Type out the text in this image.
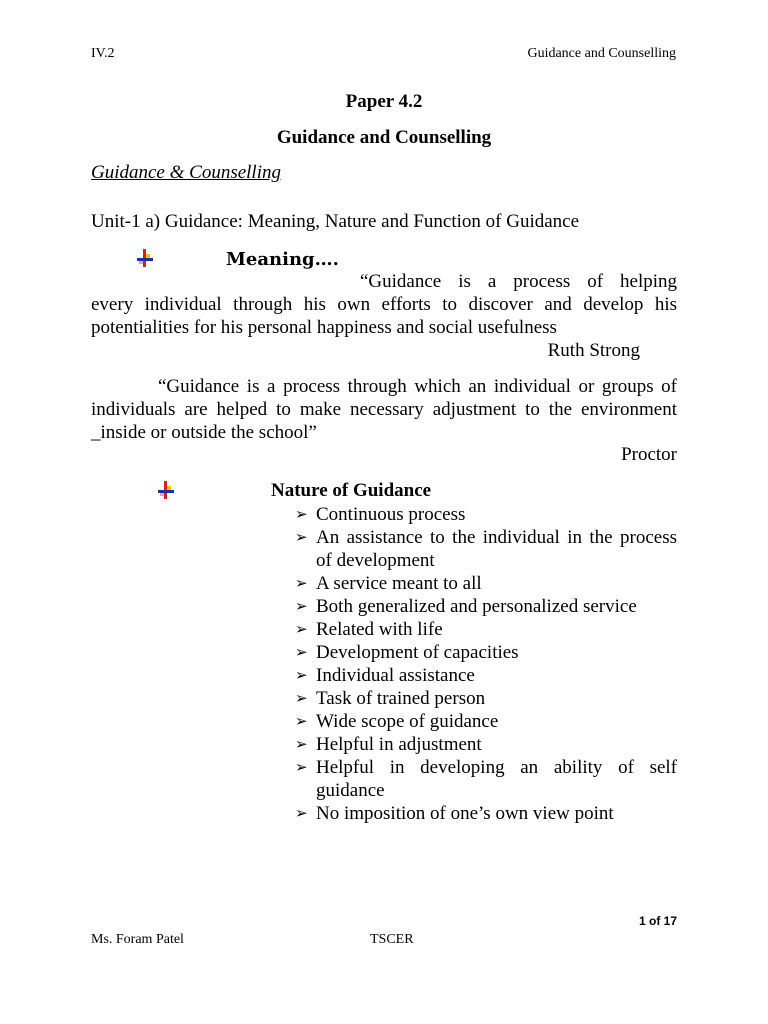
IV.2	Guidance and Counselling
Paper 4.2
Guidance and Counselling
Guidance & Counselling
Unit-1 a) Guidance: Meaning, Nature and Function of Guidance
Meaning….
“Guidance is a process of helping
every individual through his own efforts to discover and develop his potentialities for his personal happiness and social usefulness
Ruth Strong
“Guidance is a process through which an individual or groups of individuals are helped to make necessary adjustment to the environment _inside or outside the school”
Proctor
Nature of Guidance
➢ Continuous process
➢ An assistance to the individual in the process of development
➢ A service meant to all
➢ Both generalized and personalized service
➢ Related with life
➢ Development of capacities
➢ Individual assistance
➢ Task of trained person
➢ Wide scope of guidance
➢ Helpful in adjustment
➢ Helpful in developing an ability of self guidance
➢ No imposition of one’s own view point
1 of 17
Ms. Foram Patel	TSCER
